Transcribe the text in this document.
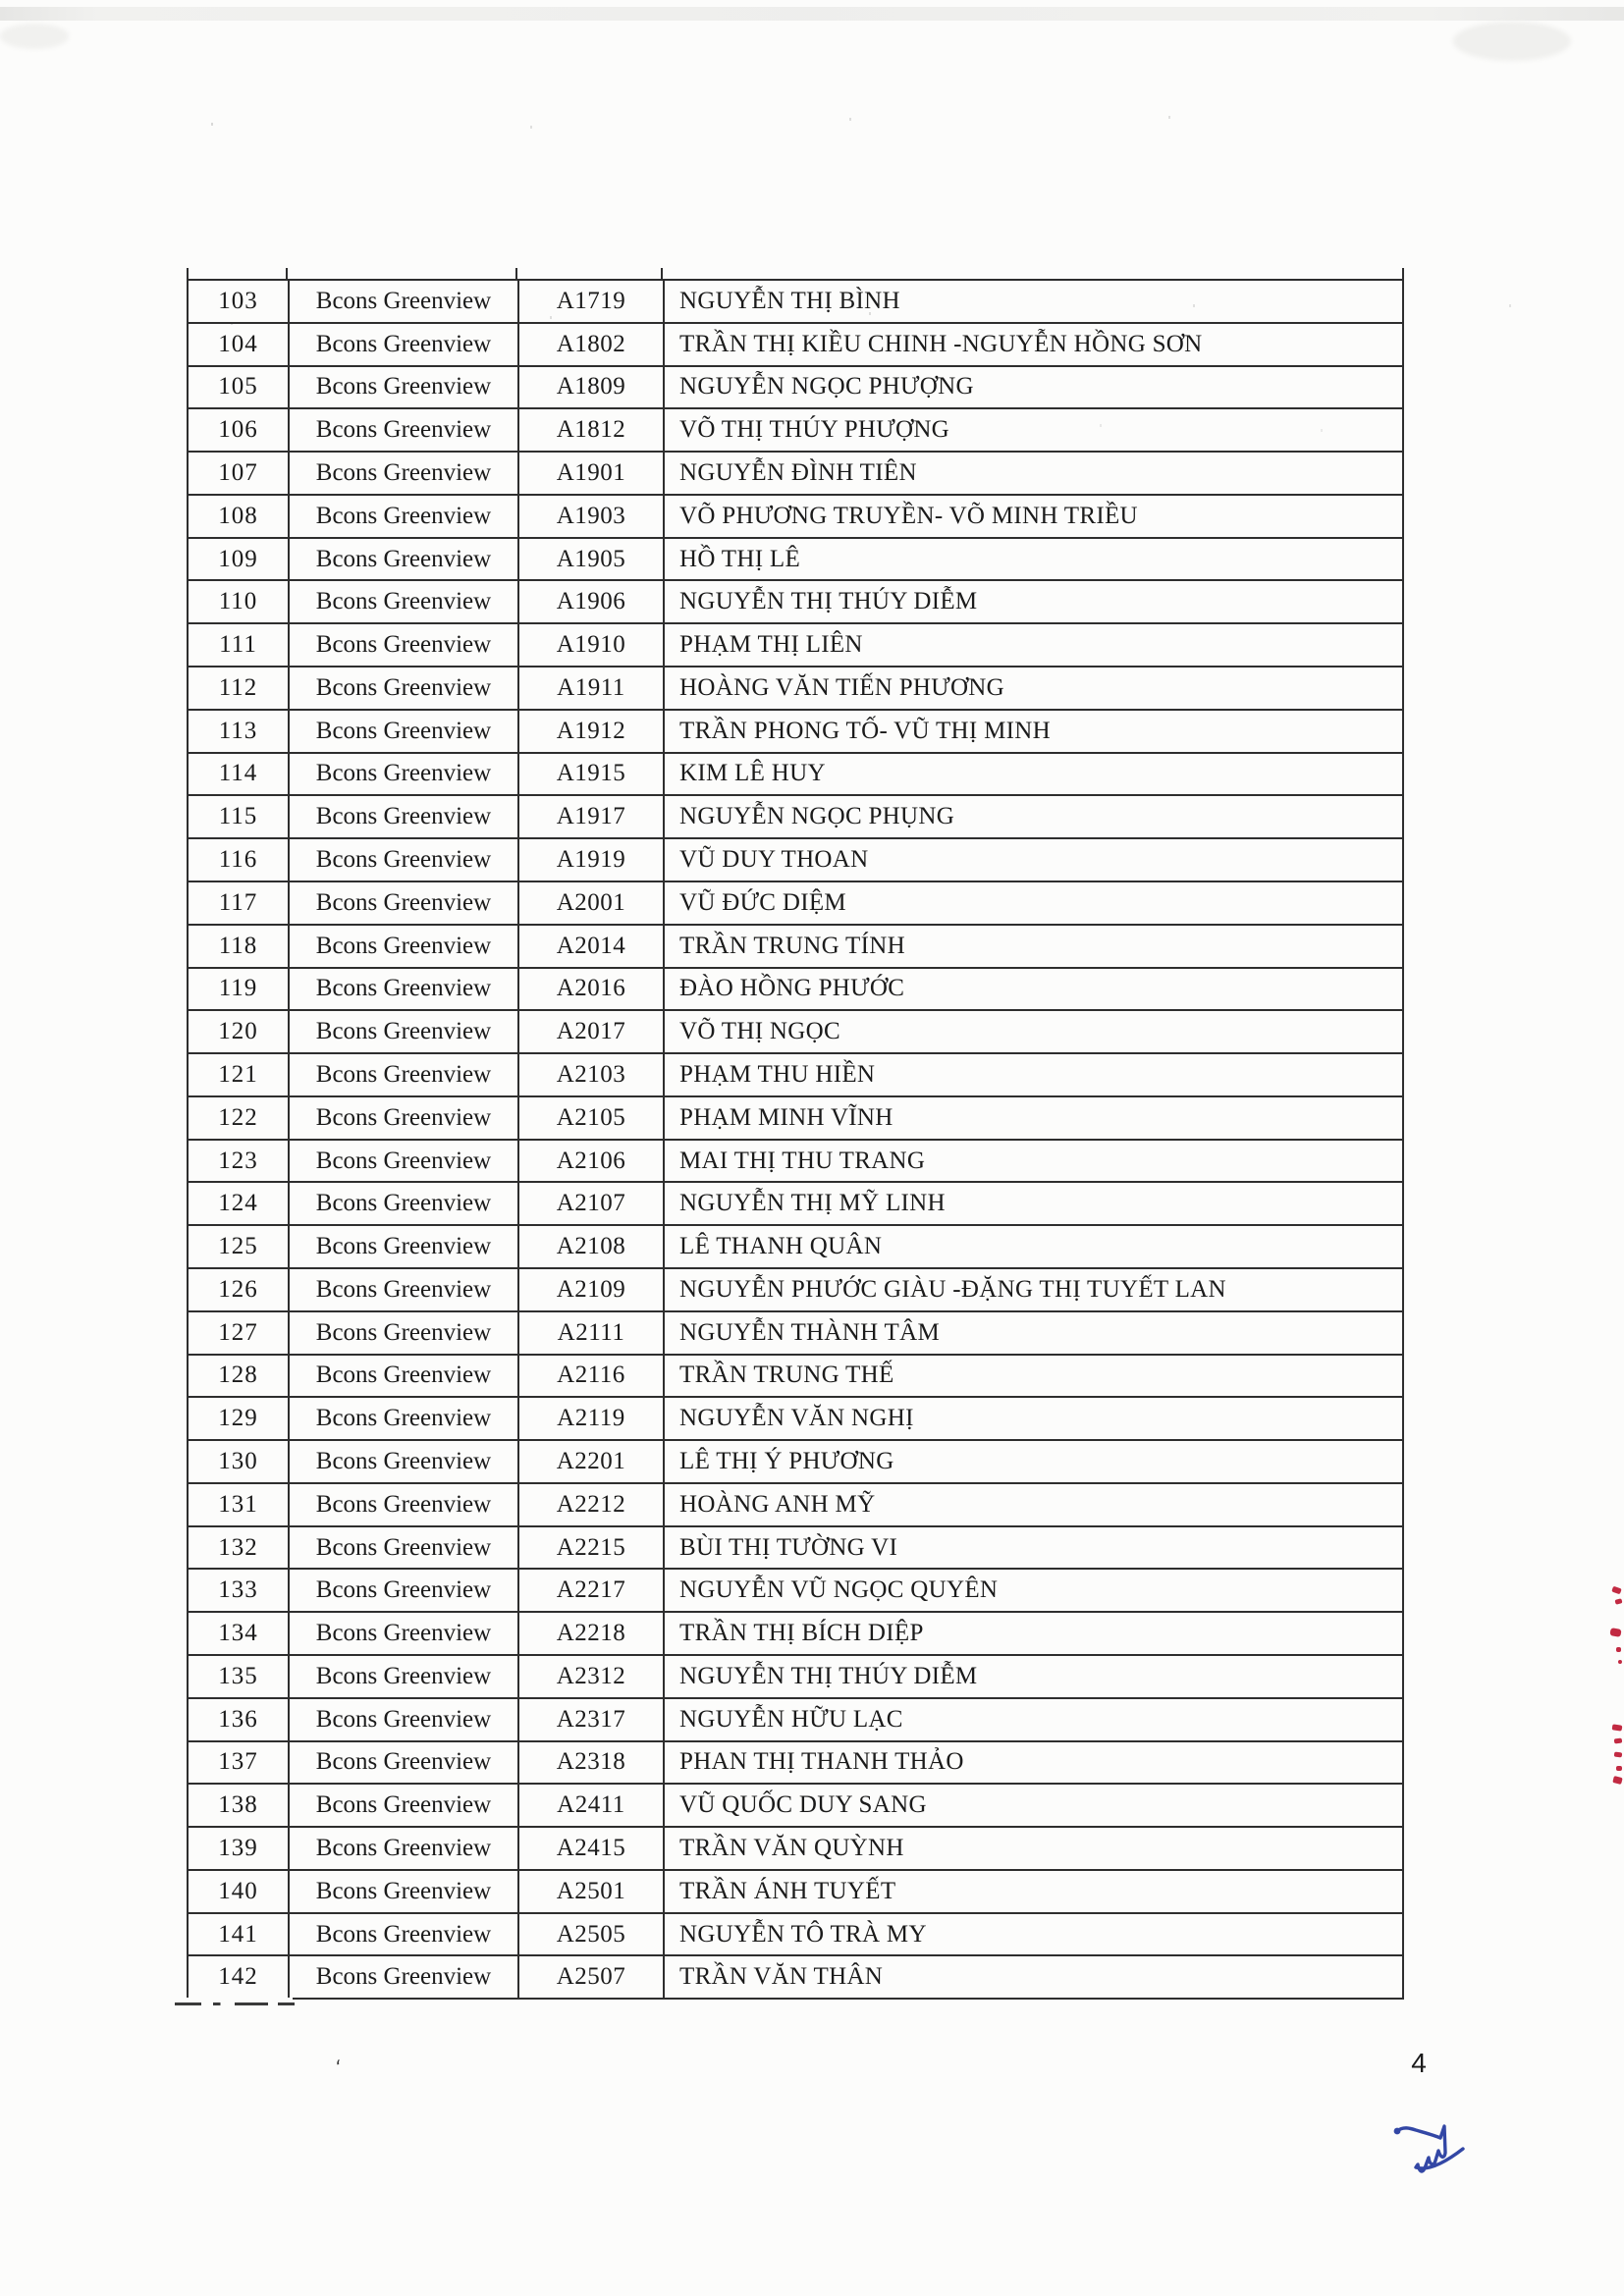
103	Bcons Greenview	A1719	NGUYỄN THỊ BÌNH
104	Bcons Greenview	A1802	TRẦN THỊ KIỀU CHINH -NGUYỄN HỒNG SƠN
105	Bcons Greenview	A1809	NGUYỄN NGỌC PHƯỢNG
106	Bcons Greenview	A1812	VÕ THỊ THÚY PHƯỢNG
107	Bcons Greenview	A1901	NGUYỄN ĐÌNH TIÊN
108	Bcons Greenview	A1903	VÕ PHƯƠNG TRUYỀN- VÕ MINH TRIỀU
109	Bcons Greenview	A1905	HỒ THỊ LÊ
110	Bcons Greenview	A1906	NGUYỄN THỊ THÚY DIỄM
111	Bcons Greenview	A1910	PHẠM THỊ LIÊN
112	Bcons Greenview	A1911	HOÀNG VĂN TIẾN PHƯƠNG
113	Bcons Greenview	A1912	TRẦN PHONG TỐ- VŨ THỊ MINH
114	Bcons Greenview	A1915	KIM LÊ HUY
115	Bcons Greenview	A1917	NGUYỄN NGỌC PHỤNG
116	Bcons Greenview	A1919	VŨ DUY THOAN
117	Bcons Greenview	A2001	VŨ ĐỨC DIỆM
118	Bcons Greenview	A2014	TRẦN TRUNG TÍNH
119	Bcons Greenview	A2016	ĐÀO HỒNG PHƯỚC
120	Bcons Greenview	A2017	VÕ THỊ NGỌC
121	Bcons Greenview	A2103	PHẠM THU HIỀN
122	Bcons Greenview	A2105	PHẠM MINH VĨNH
123	Bcons Greenview	A2106	MAI THỊ THU TRANG
124	Bcons Greenview	A2107	NGUYỄN THỊ MỸ LINH
125	Bcons Greenview	A2108	LÊ THANH QUÂN
126	Bcons Greenview	A2109	NGUYỄN PHƯỚC GIÀU -ĐẶNG THỊ TUYẾT LAN
127	Bcons Greenview	A2111	NGUYỄN THÀNH TÂM
128	Bcons Greenview	A2116	TRẦN TRUNG THẾ
129	Bcons Greenview	A2119	NGUYỄN VĂN NGHỊ
130	Bcons Greenview	A2201	LÊ THỊ Ý PHƯƠNG
131	Bcons Greenview	A2212	HOÀNG ANH MỸ
132	Bcons Greenview	A2215	BÙI THỊ TƯỜNG VI
133	Bcons Greenview	A2217	NGUYỄN VŨ NGỌC QUYÊN
134	Bcons Greenview	A2218	TRẦN THỊ BÍCH DIỆP
135	Bcons Greenview	A2312	NGUYỄN THỊ THÚY DIỄM
136	Bcons Greenview	A2317	NGUYỄN HỮU LẠC
137	Bcons Greenview	A2318	PHAN THỊ THANH THẢO
138	Bcons Greenview	A2411	VŨ QUỐC DUY SANG
139	Bcons Greenview	A2415	TRẦN VĂN QUỲNH
140	Bcons Greenview	A2501	TRẦN ÁNH TUYẾT
141	Bcons Greenview	A2505	NGUYỄN TÔ TRÀ MY
142	Bcons Greenview	A2507	TRẦN VĂN THÂN
4
ʻ
